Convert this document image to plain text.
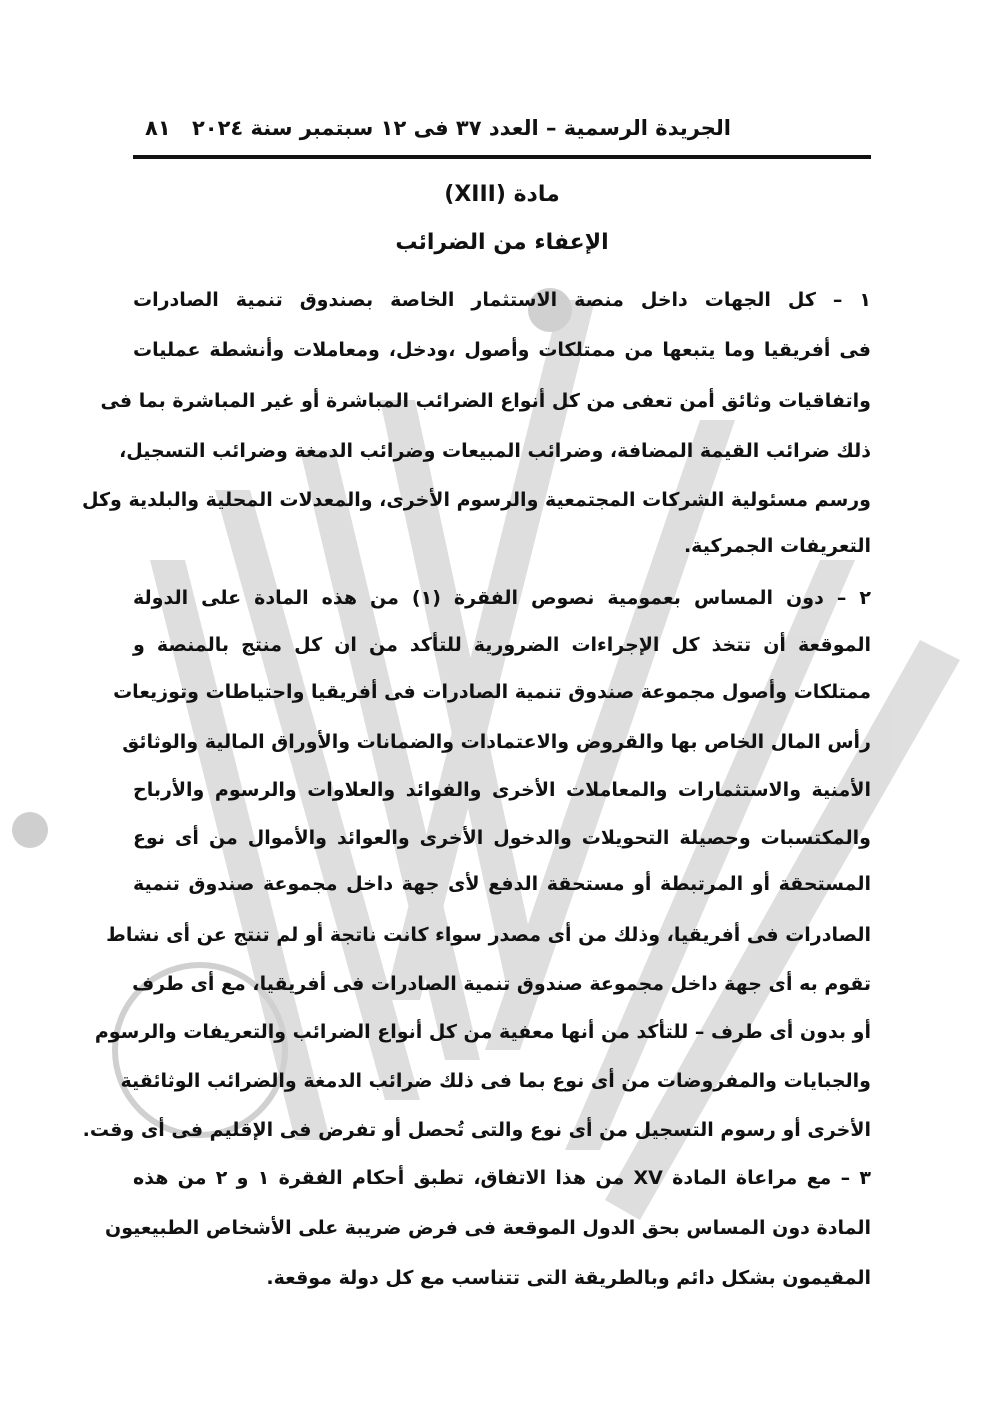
الجريدة الرسمية – العدد ٣٧ فى ١٢ سبتمبر سنة ٢٠٢٤
٨١
مادة (XIII)
الإعفاء من الضرائب
١ – كل الجهات داخل منصة الاستثمار الخاصة بصندوق تنمية الصادرات
فى أفريقيا وما يتبعها من ممتلكات وأصول ،ودخل، ومعاملات وأنشطة عمليات
واتفاقيات وثائق أمن تعفى من كل أنواع الضرائب المباشرة أو غير المباشرة بما فى
ذلك ضرائب القيمة المضافة، وضرائب المبيعات وضرائب الدمغة وضرائب التسجيل،
ورسم مسئولية الشركات المجتمعية والرسوم الأخرى، والمعدلات المحلية والبلدية وكل
التعريفات الجمركية.
٢ – دون المساس بعمومية نصوص الفقرة (١) من هذه المادة على الدولة
الموقعة أن تتخذ كل الإجراءات الضرورية للتأكد من ان كل منتج بالمنصة و
ممتلكات وأصول مجموعة صندوق تنمية الصادرات فى أفريقيا واحتياطات وتوزيعات
رأس المال الخاص بها والقروض والاعتمادات والضمانات والأوراق المالية والوثائق
الأمنية والاستثمارات والمعاملات الأخرى والفوائد والعلاوات والرسوم والأرباح
والمكتسبات وحصيلة التحويلات والدخول الأخرى والعوائد والأموال من أى نوع
المستحقة أو المرتبطة أو مستحقة الدفع لأى جهة داخل مجموعة صندوق تنمية
الصادرات فى أفريقيا، وذلك من أى مصدر سواء كانت ناتجة أو لم تنتج عن أى نشاط
تقوم به أى جهة داخل مجموعة صندوق تنمية الصادرات فى أفريقيا، مع أى طرف
أو بدون أى طرف – للتأكد من أنها معفية من كل أنواع الضرائب والتعريفات والرسوم
والجبايات والمفروضات من أى نوع بما فى ذلك ضرائب الدمغة والضرائب الوثائقية
الأخرى أو رسوم التسجيل من أى نوع والتى تُحصل أو تفرض فى الإقليم فى أى وقت.
٣ – مع مراعاة المادة XV من هذا الاتفاق، تطبق أحكام الفقرة ١ و ٢ من هذه
المادة دون المساس بحق الدول الموقعة فى فرض ضريبة على الأشخاص الطبيعيون
المقيمون بشكل دائم وبالطريقة التى تتناسب مع كل دولة موقعة.
